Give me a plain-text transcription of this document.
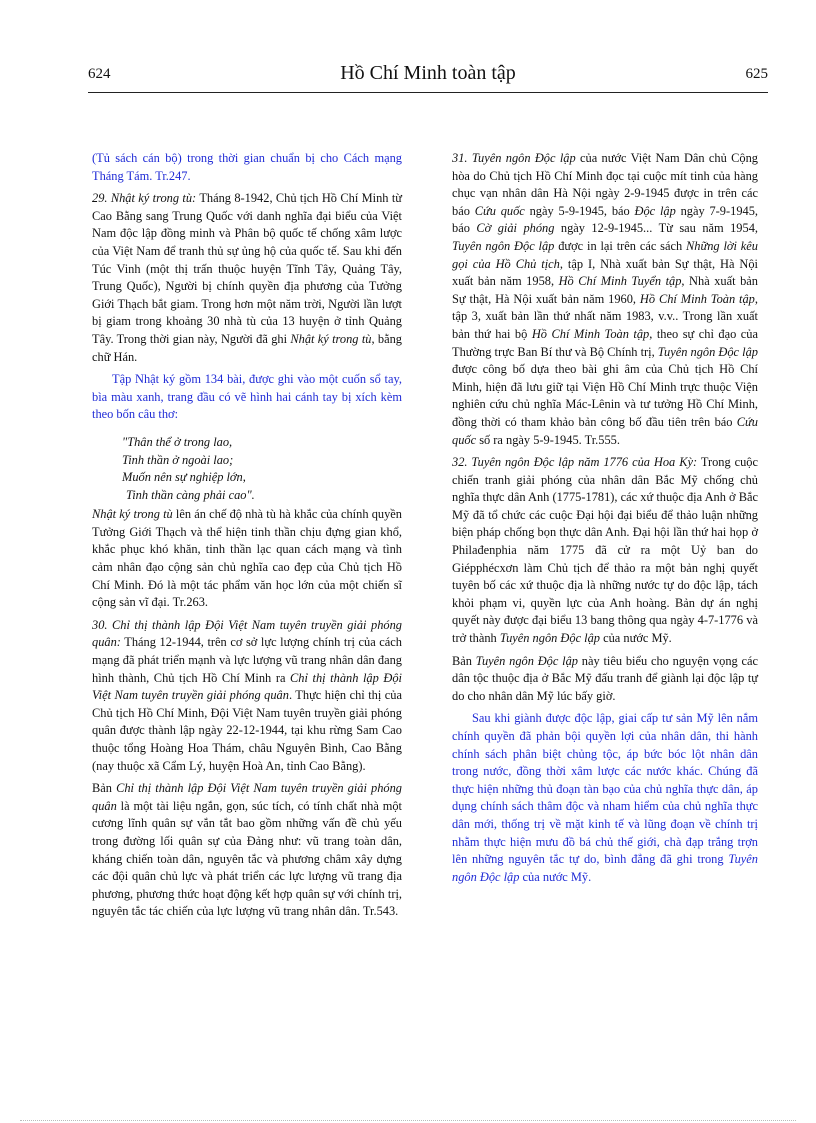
624	Hồ Chí Minh toàn tập	625

(Tủ sách cán bộ) trong thời gian chuẩn bị cho Cách mạng Tháng Tám. Tr.247.

29. Nhật ký trong tù: Tháng 8-1942, Chủ tịch Hồ Chí Minh từ Cao Bằng sang Trung Quốc với danh nghĩa đại biểu của Việt Nam độc lập đồng minh và Phân bộ quốc tế chống xâm lược của Việt Nam để tranh thủ sự ủng hộ của quốc tế. Sau khi đến Túc Vinh (một thị trấn thuộc huyện Tĩnh Tây, Quảng Tây, Trung Quốc), Người bị chính quyền địa phương của Tưởng Giới Thạch bắt giam. Trong hơn một năm trời, Người lần lượt bị giam trong khoảng 30 nhà tù của 13 huyện ở tỉnh Quảng Tây. Trong thời gian này, Người đã ghi Nhật ký trong tù, bằng chữ Hán.

Tập Nhật ký gồm 134 bài, được ghi vào một cuốn sổ tay, bìa màu xanh, trang đầu có vẽ hình hai cánh tay bị xích kèm theo bốn câu thơ:

"Thân thể ở trong lao,
Tinh thần ở ngoài lao;
Muốn nên sự nghiệp lớn,
Tinh thần càng phải cao".

Nhật ký trong tù lên án chế độ nhà tù hà khắc của chính quyền Tưởng Giới Thạch và thể hiện tinh thần chịu đựng gian khổ, khắc phục khó khăn, tinh thần lạc quan cách mạng và tình cảm nhân đạo cộng sản chủ nghĩa cao đẹp của Chủ tịch Hồ Chí Minh. Đó là một tác phẩm văn học lớn của một chiến sĩ cộng sản vĩ đại. Tr.263.

30. Chỉ thị thành lập Đội Việt Nam tuyên truyền giải phóng quân: Tháng 12-1944, trên cơ sở lực lượng chính trị của cách mạng đã phát triển mạnh và lực lượng vũ trang nhân dân đang hình thành, Chủ tịch Hồ Chí Minh ra Chỉ thị thành lập Đội Việt Nam tuyên truyền giải phóng quân. Thực hiện chỉ thị của Chủ tịch Hồ Chí Minh, Đội Việt Nam tuyên truyền giải phóng quân được thành lập ngày 22-12-1944, tại khu rừng Sam Cao thuộc tổng Hoàng Hoa Thám, châu Nguyên Bình, Cao Bằng (nay thuộc xã Cẩm Lý, huyện Hoà An, tỉnh Cao Bằng).

Bản Chỉ thị thành lập Đội Việt Nam tuyên truyền giải phóng quân là một tài liệu ngắn, gọn, súc tích, có tính chất nhà một cương lĩnh quân sự vắn tắt bao gồm những vấn đề chủ yếu trong đường lối quân sự của Đảng như: vũ trang toàn dân, kháng chiến toàn dân, nguyên tắc và phương châm xây dựng các đội quân chủ lực và phát triển các lực lượng vũ trang địa phương, phương thức hoạt động kết hợp quân sự với chính trị, nguyên tắc tác chiến của lực lượng vũ trang nhân dân. Tr.543.

31. Tuyên ngôn Độc lập của nước Việt Nam Dân chủ Cộng hòa do Chủ tịch Hồ Chí Minh đọc tại cuộc mít tinh của hàng chục vạn nhân dân Hà Nội ngày 2-9-1945 được in trên các báo Cứu quốc ngày 5-9-1945, báo Độc lập ngày 7-9-1945, báo Cờ giải phóng ngày 12-9-1945... Từ sau năm 1954, Tuyên ngôn Độc lập được in lại trên các sách Những lời kêu gọi của Hồ Chủ tịch, tập I, Nhà xuất bản Sự thật, Hà Nội xuất bản năm 1958, Hồ Chí Minh Tuyển tập, Nhà xuất bản Sự thật, Hà Nội xuất bản năm 1960, Hồ Chí Minh Toàn tập, tập 3, xuất bản lần thứ nhất năm 1983, v.v.. Trong lần xuất bản thứ hai bộ Hồ Chí Minh Toàn tập, theo sự chỉ đạo của Thường trực Ban Bí thư và Bộ Chính trị, Tuyên ngôn Độc lập được công bố dựa theo bài ghi âm của Chủ tịch Hồ Chí Minh, hiện đã lưu giữ tại Viện Hồ Chí Minh trực thuộc Viện nghiên cứu chủ nghĩa Mác-Lênin và tư tưởng Hồ Chí Minh, đồng thời có tham khảo bản công bố đầu tiên trên báo Cứu quốc số ra ngày 5-9-1945. Tr.555.

32. Tuyên ngôn Độc lập năm 1776 của Hoa Kỳ: Trong cuộc chiến tranh giải phóng của nhân dân Bắc Mỹ chống chủ nghĩa thực dân Anh (1775-1781), các xứ thuộc địa Anh ở Bắc Mỹ đã tổ chức các cuộc Đại hội đại biểu để thảo luận những biện pháp chống bọn thực dân Anh. Đại hội lần thứ hai họp ở Philađenphia năm 1775 đã cử ra một Uỷ ban do Giépphécxơn làm Chủ tịch để thảo ra một bản nghị quyết tuyên bố các xứ thuộc địa là những nước tự do độc lập, tách khỏi phạm vi, quyền lực của Anh hoàng. Bản dự án nghị quyết này được đại biểu 13 bang thông qua ngày 4-7-1776 và trở thành Tuyên ngôn Độc lập của nước Mỹ.

Bản Tuyên ngôn Độc lập này tiêu biểu cho nguyện vọng các dân tộc thuộc địa ở Bắc Mỹ đấu tranh để giành lại độc lập tự do cho nhân dân Mỹ lúc bấy giờ.

Sau khi giành được độc lập, giai cấp tư sản Mỹ lên nắm chính quyền đã phản bội quyền lợi của nhân dân, thi hành chính sách phân biệt chủng tộc, áp bức bóc lột nhân dân trong nước, đồng thời xâm lược các nước khác. Chúng đã thực hiện những thủ đoạn tàn bạo của chủ nghĩa thực dân, áp dụng chính sách thâm độc và nham hiểm của chủ nghĩa thực dân mới, thống trị về mặt kinh tế và lũng đoạn về chính trị nhằm thực hiện mưu đồ bá chủ thế giới, chà đạp trắng trợn lên những nguyên tắc tự do, bình đẳng đã ghi trong Tuyên ngôn Độc lập của nước Mỹ.
